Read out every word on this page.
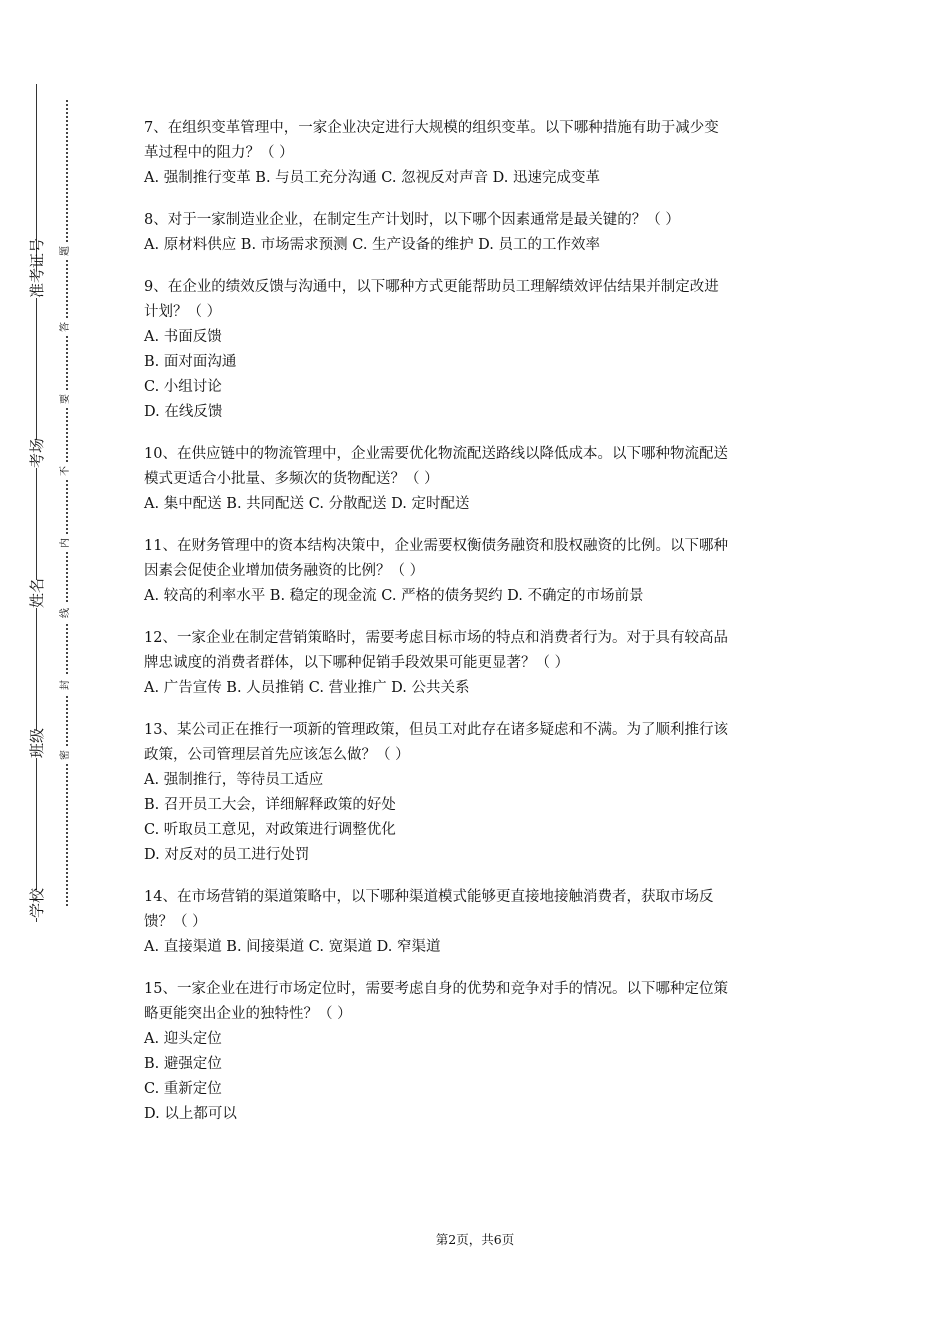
准考证号
考场
姓名
班级
学校
题
答
要
不
内
线
封
密
7、在组织变革管理中，一家企业决定进行大规模的组织变革。以下哪种措施有助于减少变
革过程中的阻力？（ ）
A. 强制推行变革 B. 与员工充分沟通 C. 忽视反对声音 D. 迅速完成变革
8、对于一家制造业企业，在制定生产计划时，以下哪个因素通常是最关键的？（ ）
A. 原材料供应 B. 市场需求预测 C. 生产设备的维护 D. 员工的工作效率
9、在企业的绩效反馈与沟通中，以下哪种方式更能帮助员工理解绩效评估结果并制定改进
计划？（ ）
A. 书面反馈
B. 面对面沟通
C. 小组讨论
D. 在线反馈
10、在供应链中的物流管理中，企业需要优化物流配送路线以降低成本。以下哪种物流配送
模式更适合小批量、多频次的货物配送？（ ）
A. 集中配送 B. 共同配送 C. 分散配送 D. 定时配送
11、在财务管理中的资本结构决策中，企业需要权衡债务融资和股权融资的比例。以下哪种
因素会促使企业增加债务融资的比例？（ ）
A. 较高的利率水平 B. 稳定的现金流 C. 严格的债务契约 D. 不确定的市场前景
12、一家企业在制定营销策略时，需要考虑目标市场的特点和消费者行为。对于具有较高品
牌忠诚度的消费者群体，以下哪种促销手段效果可能更显著？（ ）
A. 广告宣传 B. 人员推销 C. 营业推广 D. 公共关系
13、某公司正在推行一项新的管理政策，但员工对此存在诸多疑虑和不满。为了顺利推行该
政策，公司管理层首先应该怎么做？（ ）
A. 强制推行，等待员工适应
B. 召开员工大会，详细解释政策的好处
C. 听取员工意见，对政策进行调整优化
D. 对反对的员工进行处罚
14、在市场营销的渠道策略中，以下哪种渠道模式能够更直接地接触消费者，获取市场反
馈？（ ）
A. 直接渠道 B. 间接渠道 C. 宽渠道 D. 窄渠道
15、一家企业在进行市场定位时，需要考虑自身的优势和竞争对手的情况。以下哪种定位策
略更能突出企业的独特性？（ ）
A. 迎头定位
B. 避强定位
C. 重新定位
D. 以上都可以
第2页，共6页
